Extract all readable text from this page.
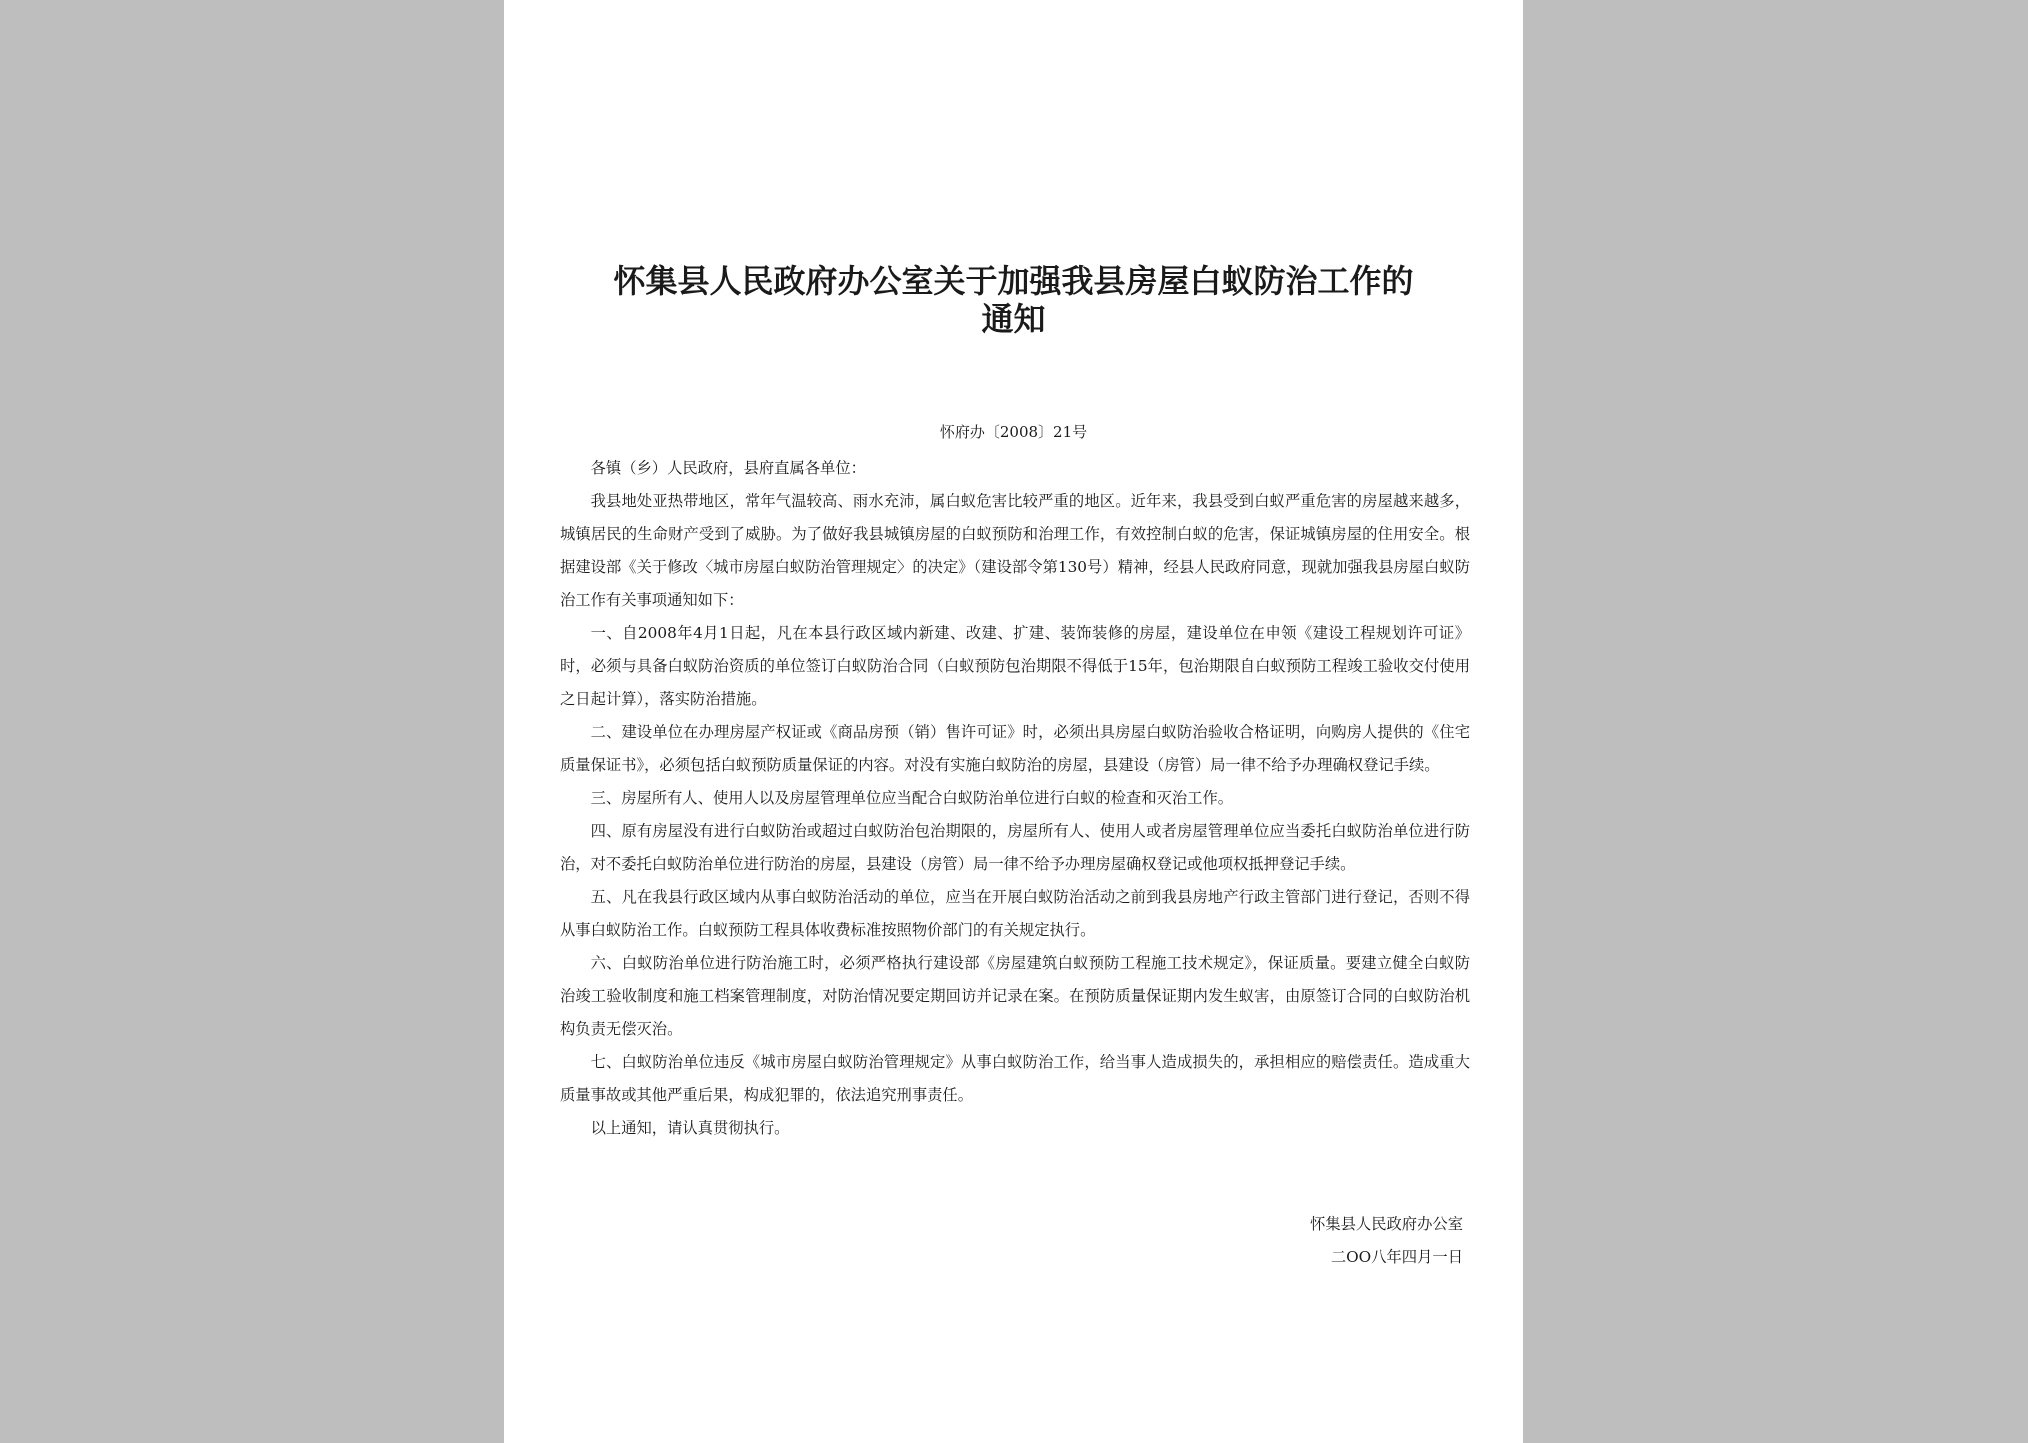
怀集县人民政府办公室关于加强我县房屋白蚁防治工作的通知
怀府办〔2008〕21号

各镇（乡）人民政府，县府直属各单位：

我县地处亚热带地区，常年气温较高、雨水充沛，属白蚁危害比较严重的地区。近年来，我县受到白蚁严重危害的房屋越来越多，城镇居民的生命财产受到了威胁。为了做好我县城镇房屋的白蚁预防和治理工作，有效控制白蚁的危害，保证城镇房屋的住用安全。根据建设部《关于修改〈城市房屋白蚁防治管理规定〉的决定》（建设部令第130号）精神，经县人民政府同意，现就加强我县房屋白蚁防治工作有关事项通知如下：

一、自2008年4月1日起，凡在本县行政区域内新建、改建、扩建、装饰装修的房屋，建设单位在申领《建设工程规划许可证》时，必须与具备白蚁防治资质的单位签订白蚁防治合同（白蚁预防包治期限不得低于15年，包治期限自白蚁预防工程竣工验收交付使用之日起计算），落实防治措施。

二、建设单位在办理房屋产权证或《商品房预（销）售许可证》时，必须出具房屋白蚁防治验收合格证明，向购房人提供的《住宅质量保证书》，必须包括白蚁预防质量保证的内容。对没有实施白蚁防治的房屋，县建设（房管）局一律不给予办理确权登记手续。

三、房屋所有人、使用人以及房屋管理单位应当配合白蚁防治单位进行白蚁的检查和灭治工作。

四、原有房屋没有进行白蚁防治或超过白蚁防治包治期限的，房屋所有人、使用人或者房屋管理单位应当委托白蚁防治单位进行防治，对不委托白蚁防治单位进行防治的房屋，县建设（房管）局一律不给予办理房屋确权登记或他项权抵押登记手续。

五、凡在我县行政区域内从事白蚁防治活动的单位，应当在开展白蚁防治活动之前到我县房地产行政主管部门进行登记，否则不得从事白蚁防治工作。白蚁预防工程具体收费标准按照物价部门的有关规定执行。

六、白蚁防治单位进行防治施工时，必须严格执行建设部《房屋建筑白蚁预防工程施工技术规定》，保证质量。要建立健全白蚁防治竣工验收制度和施工档案管理制度，对防治情况要定期回访并记录在案。在预防质量保证期内发生蚁害，由原签订合同的白蚁防治机构负责无偿灭治。

七、白蚁防治单位违反《城市房屋白蚁防治管理规定》从事白蚁防治工作，给当事人造成损失的，承担相应的赔偿责任。造成重大质量事故或其他严重后果，构成犯罪的，依法追究刑事责任。

以上通知，请认真贯彻执行。

怀集县人民政府办公室
二OO八年四月一日
